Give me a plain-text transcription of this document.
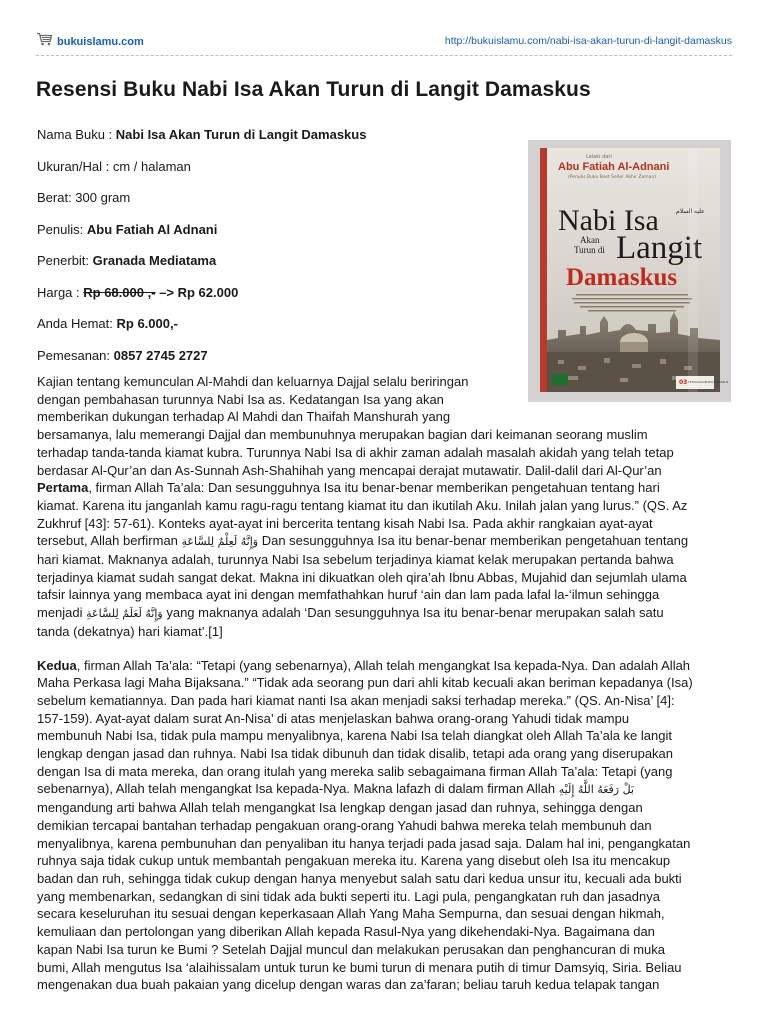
bukuislamu.com	http://bukuislamu.com/nabi-isa-akan-turun-di-langit-damaskus
Resensi Buku Nabi Isa Akan Turun di Langit Damaskus
Nama Buku : Nabi Isa Akan Turun di Langit Damaskus
Ukuran/Hal : cm / halaman
Berat: 300 gram
Penulis: Abu Fatiah Al Adnani
Penerbit: Granada Mediatama
Harga : Rp 68.000 ,- –> Rp 62.000
Anda Hemat: Rp 6.000,-
Pemesanan: 0857 2745 2727
Lelaki dari
Abu Fatiah Al-Adnani
(Penulis Buku Best Seller Akhir Zaman)
Nabi Isa	عليه السلام
Akan
Turun di Langit
Damaskus
03 TETRALOGI BUMI DAMASKUS
Kajian tentang kemunculan Al-Mahdi dan keluarnya Dajjal selalu beriringan
dengan pembahasan turunnya Nabi Isa as. Kedatangan Isa yang akan
memberikan dukungan terhadap Al Mahdi dan Thaifah Manshurah yang
bersamanya, lalu memerangi Dajjal dan membunuhnya merupakan bagian dari keimanan seorang muslim
terhadap tanda-tanda kiamat kubra. Turunnya Nabi Isa di akhir zaman adalah masalah akidah yang telah tetap
berdasar Al-Qur’an dan As-Sunnah Ash-Shahihah yang mencapai derajat mutawatir. Dalil-dalil dari Al-Qur’an
Pertama, firman Allah Ta’ala: Dan sesungguhnya Isa itu benar-benar memberikan pengetahuan tentang hari
kiamat. Karena itu janganlah kamu ragu-ragu tentang kiamat itu dan ikutilah Aku. Inilah jalan yang lurus.” (QS. Az
Zukhruf [43]: 57-61). Konteks ayat-ayat ini bercerita tentang kisah Nabi Isa. Pada akhir rangkaian ayat-ayat
tersebut, Allah berfirman وَإِنَّهُ لَعِلْمٌ لِلسَّاعَةِ Dan sesungguhnya Isa itu benar-benar memberikan pengetahuan tentang
hari kiamat. Maknanya adalah, turunnya Nabi Isa sebelum terjadinya kiamat kelak merupakan pertanda bahwa
terjadinya kiamat sudah sangat dekat. Makna ini dikuatkan oleh qira’ah Ibnu Abbas, Mujahid dan sejumlah ulama
tafsir lainnya yang membaca ayat ini dengan memfathahkan huruf ‘ain dan lam pada lafal la-‘ilmun sehingga
menjadi وَإِنَّهُ لَعَلَمٌ لِلسَّاعَةِ yang maknanya adalah ‘Dan sesungguhnya Isa itu benar-benar merupakan salah satu
tanda (dekatnya) hari kiamat’.[1]
Kedua, firman Allah Ta’ala: “Tetapi (yang sebenarnya), Allah telah mengangkat Isa kepada-Nya. Dan adalah Allah
Maha Perkasa lagi Maha Bijaksana.” “Tidak ada seorang pun dari ahli kitab kecuali akan beriman kepadanya (Isa)
sebelum kematiannya. Dan pada hari kiamat nanti Isa akan menjadi saksi terhadap mereka.” (QS. An-Nisa’ [4]:
157-159). Ayat-ayat dalam surat An-Nisa’ di atas menjelaskan bahwa orang-orang Yahudi tidak mampu
membunuh Nabi Isa, tidak pula mampu menyalibnya, karena Nabi Isa telah diangkat oleh Allah Ta’ala ke langit
lengkap dengan jasad dan ruhnya. Nabi Isa tidak dibunuh dan tidak disalib, tetapi ada orang yang diserupakan
dengan Isa di mata mereka, dan orang itulah yang mereka salib sebagaimana firman Allah Ta’ala: Tetapi (yang
sebenarnya), Allah telah mengangkat Isa kepada-Nya. Makna lafazh di dalam firman Allah بَلْ رَفَعَهُ اللَّهُ إِلَيْهِ
mengandung arti bahwa Allah telah mengangkat Isa lengkap dengan jasad dan ruhnya, sehingga dengan
demikian tercapai bantahan terhadap pengakuan orang-orang Yahudi bahwa mereka telah membunuh dan
menyalibnya, karena pembunuhan dan penyaliban itu hanya terjadi pada jasad saja. Dalam hal ini, pengangkatan
ruhnya saja tidak cukup untuk membantah pengakuan mereka itu. Karena yang disebut oleh Isa itu mencakup
badan dan ruh, sehingga tidak cukup dengan hanya menyebut salah satu dari kedua unsur itu, kecuali ada bukti
yang membenarkan, sedangkan di sini tidak ada bukti seperti itu. Lagi pula, pengangkatan ruh dan jasadnya
secara keseluruhan itu sesuai dengan keperkasaan Allah Yang Maha Sempurna, dan sesuai dengan hikmah,
kemuliaan dan pertolongan yang diberikan Allah kepada Rasul-Nya yang dikehendaki-Nya. Bagaimana dan
kapan Nabi Isa turun ke Bumi ? Setelah Dajjal muncul dan melakukan perusakan dan penghancuran di muka
bumi, Allah mengutus Isa ‘alaihissalam untuk turun ke bumi turun di menara putih di timur Damsyiq, Siria. Beliau
mengenakan dua buah pakaian yang dicelup dengan waras dan za’faran; beliau taruh kedua telapak tangan
